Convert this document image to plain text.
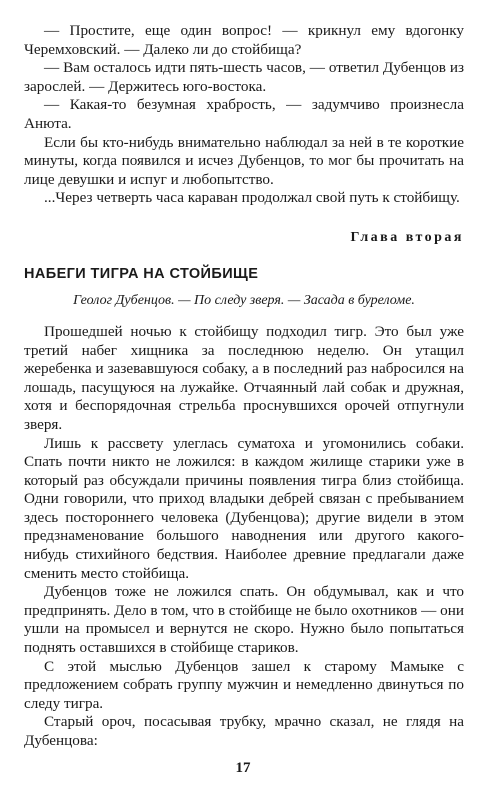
— Простите, еще один вопрос! — крикнул ему вдогонку Черемховский. — Далеко ли до стойбища?

— Вам осталось идти пять-шесть часов, — ответил Дубенцов из зарослей. — Держитесь юго-востока.

— Какая-то безумная храбрость, — задумчиво произнесла Анюта.

Если бы кто-нибудь внимательно наблюдал за ней в те короткие минуты, когда появился и исчез Дубенцов, то мог бы прочитать на лице девушки и испуг и любопытство.

...Через четверть часа караван продолжал свой путь к стойбищу.

Глава вторая
НАБЕГИ ТИГРА НА СТОЙБИЩЕ
Геолог Дубенцов. — По следу зверя. — Засада в буреломе.

Прошедшей ночью к стойбищу подходил тигр. Это был уже третий набег хищника за последнюю неделю. Он утащил жеребенка и зазевавшуюся собаку, а в последний раз набросился на лошадь, пасущуюся на лужайке. Отчаянный лай собак и дружная, хотя и беспорядочная стрельба проснувшихся орочей отпугнули зверя.

Лишь к рассвету улеглась суматоха и угомонились собаки. Спать почти никто не ложился: в каждом жилище старики уже в который раз обсуждали причины появления тигра близ стойбища. Одни говорили, что приход владыки дебрей связан с пребыванием здесь постороннего человека (Дубенцова); другие видели в этом предзнаменование большого наводнения или другого какого-нибудь стихийного бедствия. Наиболее древние предлагали даже сменить место стойбища.

Дубенцов тоже не ложился спать. Он обдумывал, как и что предпринять. Дело в том, что в стойбище не было охотников — они ушли на промысел и вернутся не скоро. Нужно было попытаться поднять оставшихся в стойбище стариков.

С этой мыслью Дубенцов зашел к старому Мамыке с предложением собрать группу мужчин и немедленно двинуться по следу тигра.

Старый ороч, посасывая трубку, мрачно сказал, не глядя на Дубенцова:

17
